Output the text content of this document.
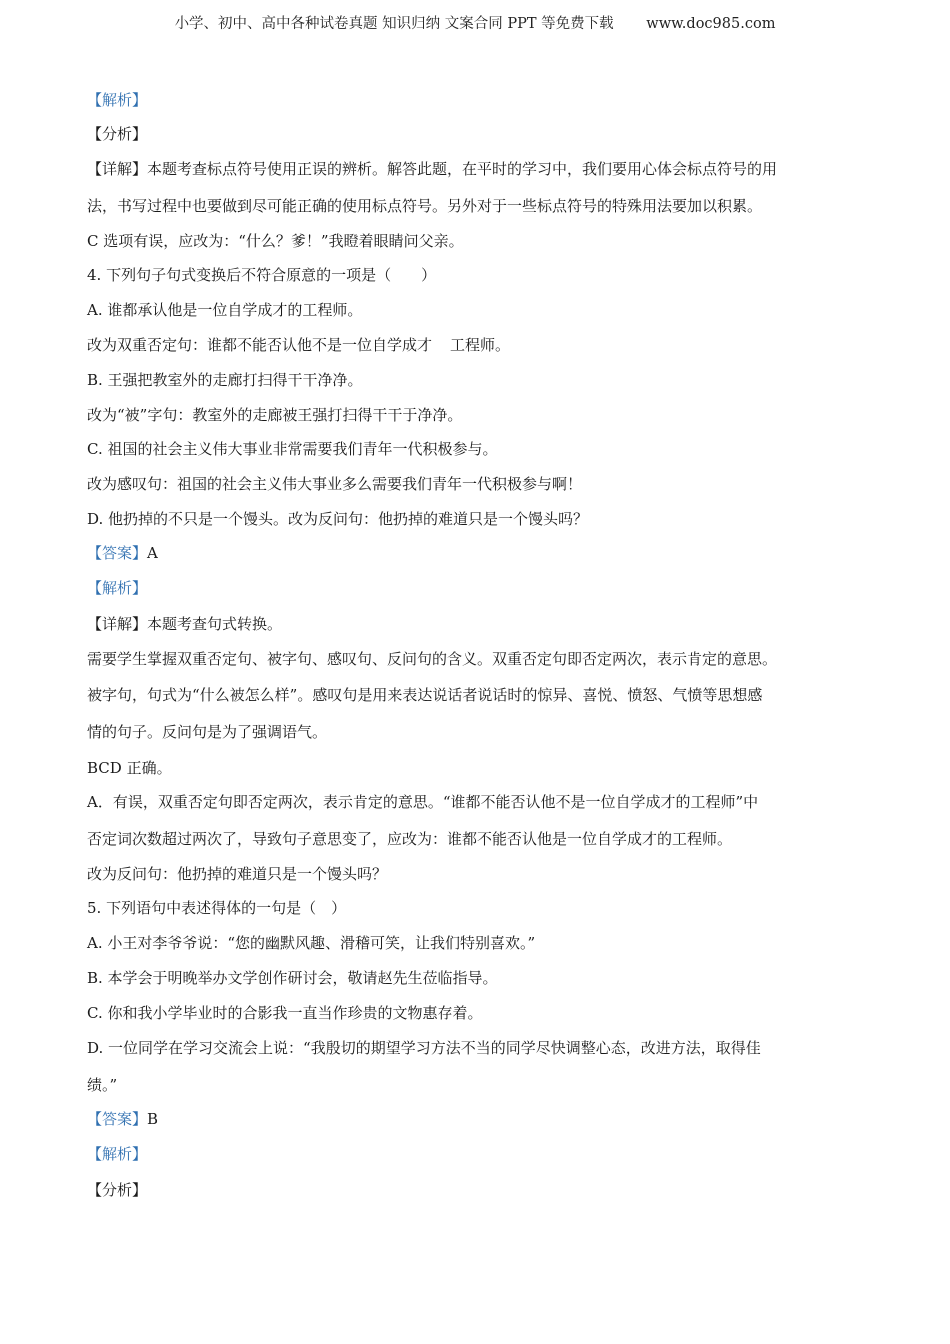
小学、初中、高中各种试卷真题 知识归纳 文案合同 PPT 等免费下载 www.doc985.com
【解析】
【分析】
【详解】本题考查标点符号使用正误的辨析。解答此题，在平时的学习中，我们要用心体会标点符号的用
法，书写过程中也要做到尽可能正确的使用标点符号。另外对于一些标点符号的特殊用法要加以积累。
C 选项有误，应改为：“什么？爹！”我瞪着眼睛问父亲。
4. 下列句子句式变换后不符合原意的一项是（　　）
A. 谁都承认他是一位自学成才的工程师。
改为双重否定句：谁都不能否认他不是一位自学成才 工程师。
B. 王强把教室外的走廊打扫得干干净净。
改为“被”字句：教室外的走廊被王强打扫得干干于净净。
C. 祖国的社会主义伟大事业非常需要我们青年一代积极参与。
改为感叹句：祖国的社会主义伟大事业多么需要我们青年一代积极参与啊！
D. 他扔掉的不只是一个馒头。改为反问句：他扔掉的难道只是一个馒头吗？
【答案】A
【解析】
【详解】本题考查句式转换。
需要学生掌握双重否定句、被字句、感叹句、反问句的含义。双重否定句即否定两次，表示肯定的意思。
被字句，句式为“什么被怎么样”。感叹句是用来表达说话者说话时的惊异、喜悦、愤怒、气愤等思想感
情的句子。反问句是为了强调语气。
BCD 正确。
A．有误，双重否定句即否定两次，表示肯定的意思。“谁都不能否认他不是一位自学成才的工程师”中
否定词次数超过两次了，导致句子意思变了，应改为：谁都不能否认他是一位自学成才的工程师。
改为反问句：他扔掉的难道只是一个馒头吗？
5. 下列语句中表述得体的一句是（　）
A. 小王对李爷爷说：“您的幽默风趣、滑稽可笑，让我们特别喜欢。”
B. 本学会于明晚举办文学创作研讨会，敬请赵先生莅临指导。
C. 你和我小学毕业时的合影我一直当作珍贵的文物惠存着。
D. 一位同学在学习交流会上说：“我殷切的期望学习方法不当的同学尽快调整心态，改进方法，取得佳
绩。”
【答案】B
【解析】
【分析】
